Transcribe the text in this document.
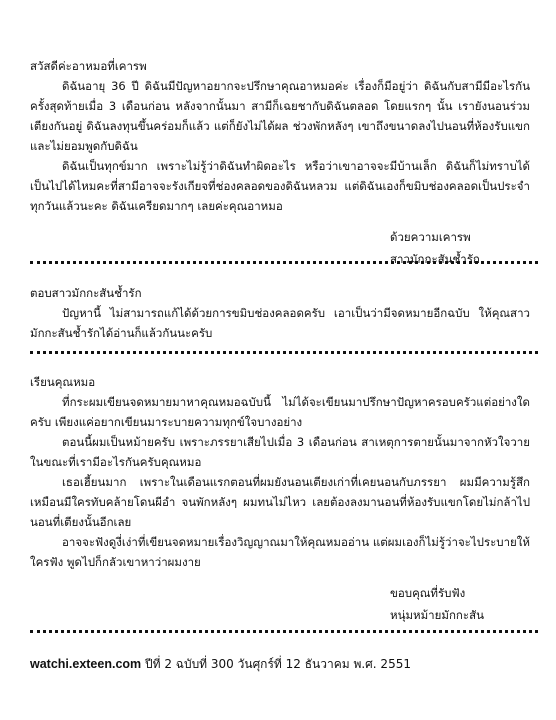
สวัสดีค่ะอาหมอที่เคารพ

ดิฉันอายุ 36 ปี ดิฉันมีปัญหาอยากจะปรึกษาคุณอาหมอค่ะ เรื่องก็มีอยู่ว่า ดิฉันกับสามีมีอะไรกันครั้งสุดท้ายเมื่อ 3 เดือนก่อน หลังจากนั้นมา สามีก็เฉยชากับดิฉันตลอด โดยแรกๆ นั้น เรายังนอนร่วมเตียงกันอยู่ ดิฉันลงทุนขึ้นคร่อมก็แล้ว แต่ก็ยังไม่ได้ผล ช่วงพักหลังๆ เขาถึงขนาดลงไปนอนที่ห้องรับแขก และไม่ยอมพูดกับดิฉัน

ดิฉันเป็นทุกข์มาก เพราะไม่รู้ว่าดิฉันทำผิดอะไร หรือว่าเขาอาจจะมีบ้านเล็ก ดิฉันก็ไม่ทราบได้ เป็นไปได้ไหมคะที่สามีอาจจะรังเกียจที่ช่องคลอดของดิฉันหลวม แต่ดิฉันเองก็ขมิบช่องคลอดเป็นประจำทุกวันแล้วนะคะ ดิฉันเครียดมากๆ เลยค่ะคุณอาหมอ

ด้วยความเคารพ
สาวมักกะสันช้ำรัก
ตอบสาวมักกะสันช้ำรัก

ปัญหานี้ ไม่สามารถแก้ได้ด้วยการขมิบช่องคลอดครับ เอาเป็นว่ามีจดหมายอีกฉบับ ให้คุณสาวมักกะสันช้ำรักได้อ่านก็แล้วกันนะครับ

เรียนคุณหมอ

ที่กระผมเขียนจดหมายมาหาคุณหมอฉบับนี้ ไม่ได้จะเขียนมาปรึกษาปัญหาครอบครัวแต่อย่างใดครับ เพียงแค่อยากเขียนมาระบายความทุกข์ใจบางอย่าง

ตอนนี้ผมเป็นหม้ายครับ เพราะภรรยาเสียไปเมื่อ 3 เดือนก่อน สาเหตุการตายนั้นมาจากหัวใจวายในขณะที่เรามีอะไรกันครับคุณหมอ

เธอเฮี้ยนมาก เพราะในเดือนแรกตอนที่ผมยังนอนเตียงเก่าที่เคยนอนกับภรรยา ผมมีความรู้สึกเหมือนมีใครทับคล้ายโดนผีอำ จนพักหลังๆ ผมทนไม่ไหว เลยต้องลงมานอนที่ห้องรับแขกโดยไม่กล้าไปนอนที่เตียงนั้นอีกเลย

อาจจะฟังดูงี่เง่าที่เขียนจดหมายเรื่องวิญญาณมาให้คุณหมออ่าน แต่ผมเองก็ไม่รู้ว่าจะไประบายให้ใครฟัง พูดไปก็กลัวเขาหาว่าผมงาย

ขอบคุณที่รับฟัง
หนุ่มหม้ายมักกะสัน
watchi.exteen.com ปีที่ 2 ฉบับที่ 300 วันศุกร์ที่ 12 ธันวาคม พ.ศ. 2551
